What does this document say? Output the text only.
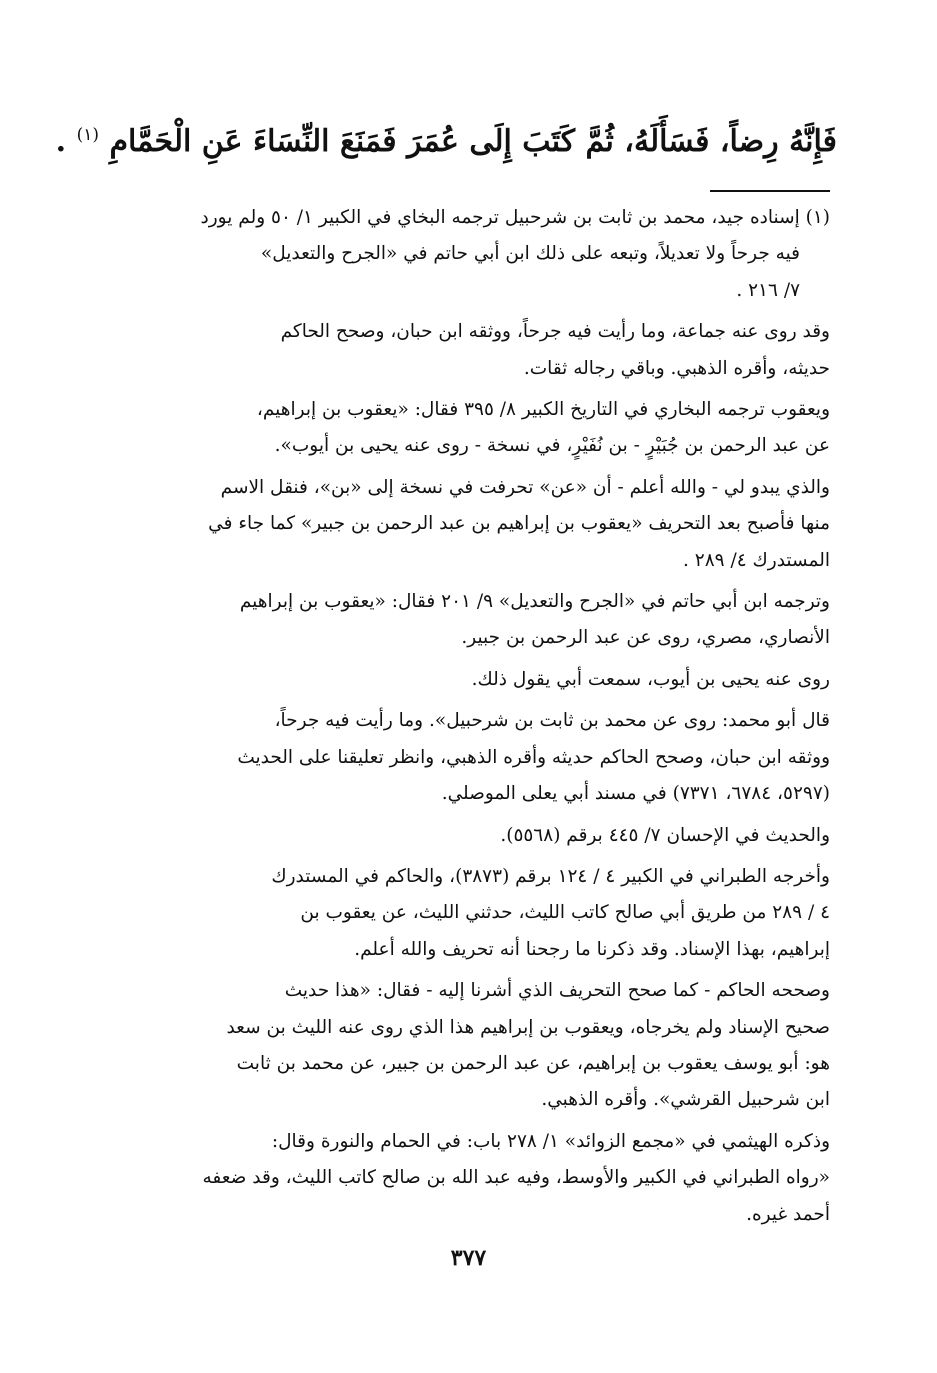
فَإِنَّهُ رِضاً، فَسَأَلَهُ، ثُمَّ كَتَبَ إِلَى عُمَرَ فَمَنَعَ النِّسَاءَ عَنِ الْحَمَّامِ $^{(١)}$ .

(١) إسناده جيد، محمد بن ثابت بن شرحبيل ترجمه البخاي في الكبير ١/ ٥٠ ولم يورد
فيه جرحاً ولا تعديلاً، وتبعه على ذلك ابن أبي حاتم في «الجرح والتعديل»
٧/ ٢١٦ .

وقد روى عنه جماعة، وما رأيت فيه جرحاً، ووثقه ابن حبان، وصحح الحاكم
حديثه، وأقره الذهبي. وباقي رجاله ثقات.

ويعقوب ترجمه البخاري في التاريخ الكبير ٨/ ٣٩٥ فقال: «يعقوب بن إبراهيم،
عن عبد الرحمن بن جُبَيْرٍ - بن نُفَيْرٍ، في نسخة - روى عنه يحيى بن أيوب».

والذي يبدو لي - والله أعلم - أن «عن» تحرفت في نسخة إلى «بن»، فنقل الاسم
منها فأصبح بعد التحريف «يعقوب بن إبراهيم بن عبد الرحمن بن جبير» كما جاء في
المستدرك ٤/ ٢٨٩ .

وترجمه ابن أبي حاتم في «الجرح والتعديل» ٩/ ٢٠١ فقال: «يعقوب بن إبراهيم
الأنصاري، مصري، روى عن عبد الرحمن بن جبير.

روى عنه يحيى بن أيوب، سمعت أبي يقول ذلك.

قال أبو محمد: روى عن محمد بن ثابت بن شرحبيل». وما رأيت فيه جرحاً،
ووثقه ابن حبان، وصحح الحاكم حديثه وأقره الذهبي، وانظر تعليقنا على الحديث
(٥٢٩٧، ٦٧٨٤، ٧٣٧١) في مسند أبي يعلى الموصلي.

والحديث في الإحسان ٧/ ٤٤٥ برقم (٥٥٦٨).

وأخرجه الطبراني في الكبير ٤ / ١٢٤ برقم (٣٨٧٣)، والحاكم في المستدرك
٤ / ٢٨٩ من طريق أبي صالح كاتب الليث، حدثني الليث، عن يعقوب بن
إبراهيم، بهذا الإسناد. وقد ذكرنا ما رجحنا أنه تحريف والله أعلم.

وصححه الحاكم - كما صحح التحريف الذي أشرنا إليه - فقال: «هذا حديث
صحيح الإسناد ولم يخرجاه، ويعقوب بن إبراهيم هذا الذي روى عنه الليث بن سعد
هو: أبو يوسف يعقوب بن إبراهيم، عن عبد الرحمن بن جبير، عن محمد بن ثابت
ابن شرحبيل القرشي». وأقره الذهبي.

وذكره الهيثمي في «مجمع الزوائد» ١/ ٢٧٨ باب: في الحمام والنورة وقال:
«رواه الطبراني في الكبير والأوسط، وفيه عبد الله بن صالح كاتب الليث، وقد ضعفه
أحمد غيره.

٣٧٧
